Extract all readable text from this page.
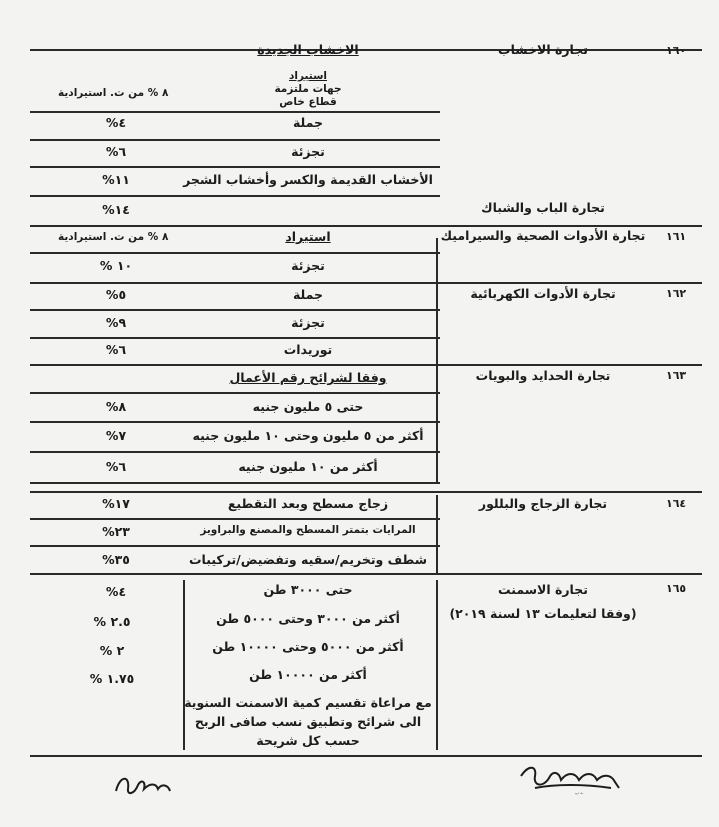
١٦٠
تجارة الاخشاب
الاخشاب الجديدة
استيراد
جهات ملتزمة
قطاع خاص
٨ % من ت. استيرادية
جملة
%٤
تجزئة
%٦
الأخشاب القديمة والكسر وأخشاب الشجر
%١١
تجارة الباب والشباك
%١٤
١٦١
تجارة الأدوات الصحية والسيراميك
استيراد
٨ % من ت. استيرادية
تجزئة
% ١٠
١٦٢
تجارة الأدوات الكهربائية
جملة
%٥
تجزئة
%٩
توريدات
%٦
١٦٣
تجارة الحدايد والبويات
وفقا لشرائح رقم الأعمال
حتى ٥ مليون جنيه
%٨
أكثر من ٥ مليون وحتى ١٠ مليون جنيه
%٧
أكثر من ١٠ مليون جنيه
%٦
١٦٤
تجارة الزجاج والبللور
زجاج مسطح وبعد التقطيع
%١٧
المرايات بتمتر المسطح والمصنع والبراويز
%٢٣
شطف وتخريم/سقيه وتفضيض/تركيبات
%٣٥
١٦٥
تجارة الاسمنت
(وفقا لتعليمات ١٣ لسنة ٢٠١٩)
حتى ٣٠٠٠ طن
%٤
أكثر من ٣٠٠٠ وحتى ٥٠٠٠ طن
% ٢.٥
أكثر من ٥٠٠٠ وحتى ١٠٠٠٠ طن
% ٢
أكثر من ١٠٠٠٠ طن
% ١.٧٥
مع مراعاة تقسيم كمية الاسمنت السنوية
الى شرائح وتطبيق نسب صافى الربح
حسب كل شريحة
خالد كروم
